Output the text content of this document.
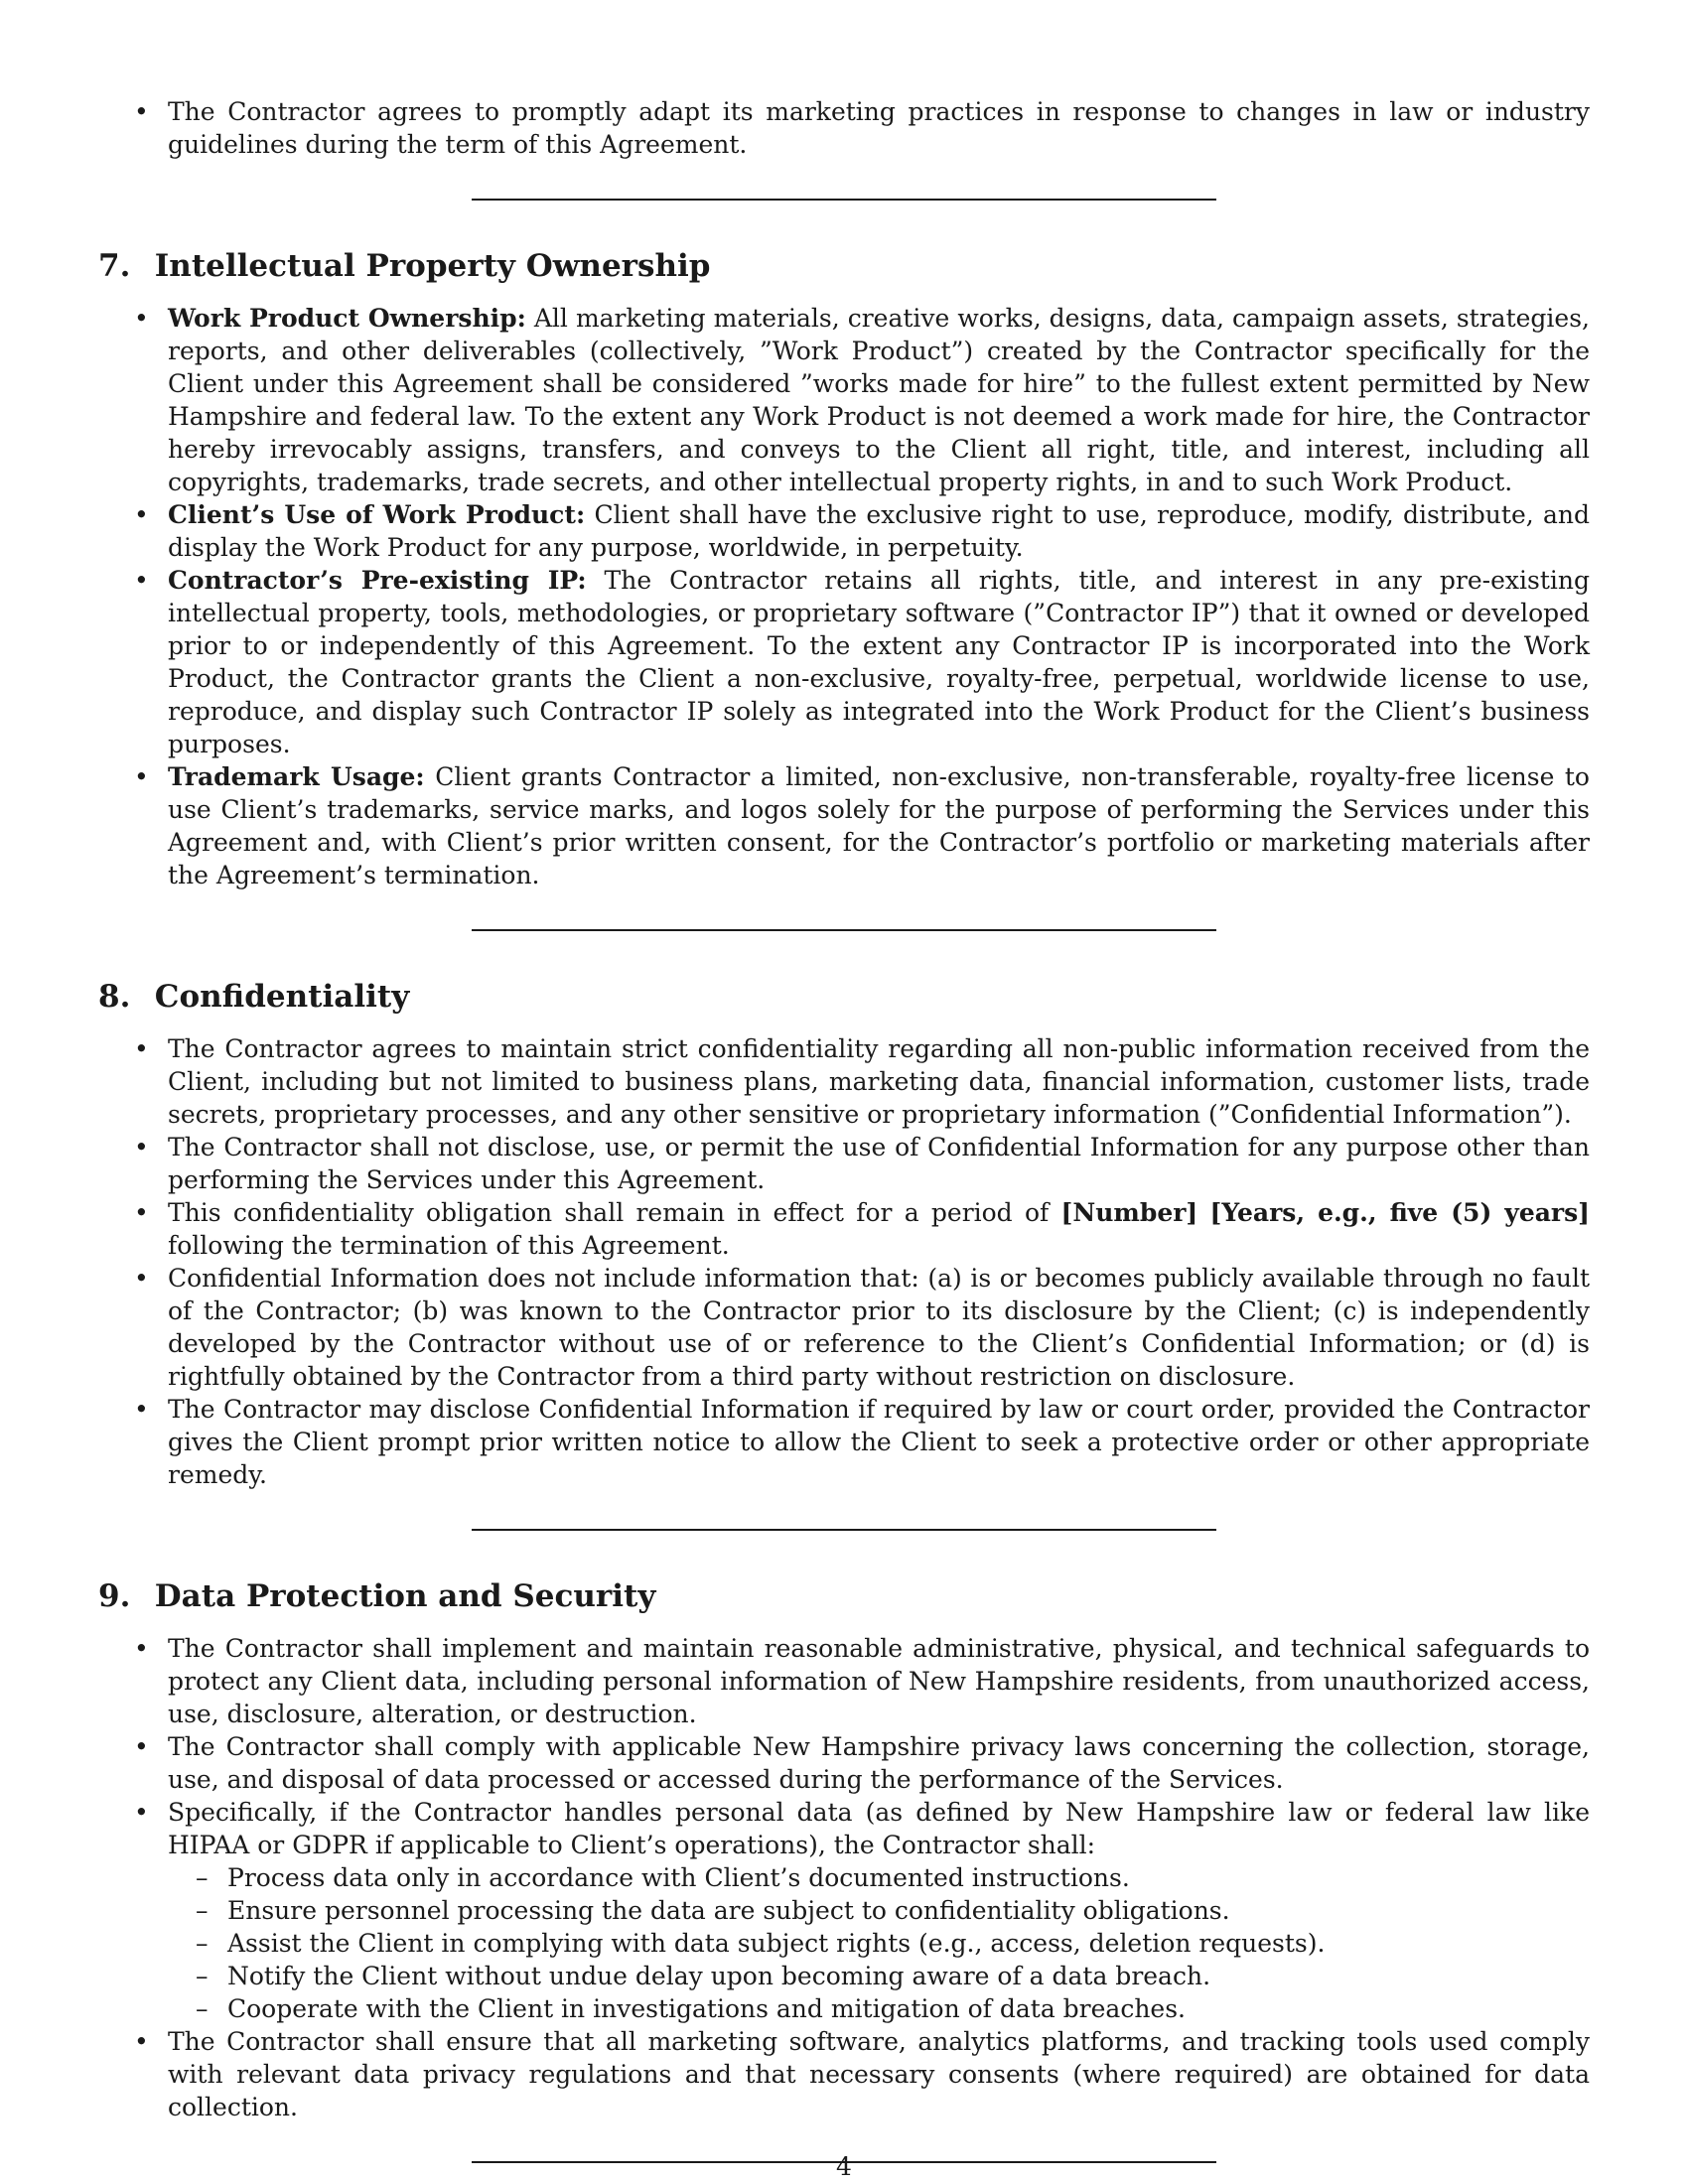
• The Contractor agrees to promptly adapt its marketing practices in response to changes in law or industry guidelines during the term of this Agreement.
7. Intellectual Property Ownership
• Work Product Ownership: All marketing materials, creative works, designs, data, campaign assets, strategies, reports, and other deliverables (collectively, ”Work Product”) created by the Contractor specifically for the Client under this Agreement shall be considered ”works made for hire” to the fullest extent permitted by New Hampshire and federal law. To the extent any Work Product is not deemed a work made for hire, the Contractor hereby irrevocably assigns, transfers, and conveys to the Client all right, title, and interest, including all copyrights, trademarks, trade secrets, and other intellectual property rights, in and to such Work Product.
• Client’s Use of Work Product: Client shall have the exclusive right to use, reproduce, modify, distribute, and display the Work Product for any purpose, worldwide, in perpetuity.
• Contractor’s Pre-existing IP: The Contractor retains all rights, title, and interest in any pre-existing intellectual property, tools, methodologies, or proprietary software (”Contractor IP”) that it owned or developed prior to or independently of this Agreement. To the extent any Contractor IP is incorporated into the Work Product, the Contractor grants the Client a non-exclusive, royalty-free, perpetual, worldwide license to use, reproduce, and display such Contractor IP solely as integrated into the Work Product for the Client’s business purposes.
• Trademark Usage: Client grants Contractor a limited, non-exclusive, non-transferable, royalty-free license to use Client’s trademarks, service marks, and logos solely for the purpose of performing the Services under this Agreement and, with Client’s prior written consent, for the Contractor’s portfolio or marketing materials after the Agreement’s termination.
8. Confidentiality
• The Contractor agrees to maintain strict confidentiality regarding all non-public information received from the Client, including but not limited to business plans, marketing data, financial information, customer lists, trade secrets, proprietary processes, and any other sensitive or proprietary information (”Confidential Information”).
• The Contractor shall not disclose, use, or permit the use of Confidential Information for any purpose other than performing the Services under this Agreement.
• This confidentiality obligation shall remain in effect for a period of [Number] [Years, e.g., five (5) years] following the termination of this Agreement.
• Confidential Information does not include information that: (a) is or becomes publicly available through no fault of the Contractor; (b) was known to the Contractor prior to its disclosure by the Client; (c) is independently developed by the Contractor without use of or reference to the Client’s Confidential Information; or (d) is rightfully obtained by the Contractor from a third party without restriction on disclosure.
• The Contractor may disclose Confidential Information if required by law or court order, provided the Contractor gives the Client prompt prior written notice to allow the Client to seek a protective order or other appropriate remedy.
9. Data Protection and Security
• The Contractor shall implement and maintain reasonable administrative, physical, and technical safeguards to protect any Client data, including personal information of New Hampshire residents, from unauthorized access, use, disclosure, alteration, or destruction.
• The Contractor shall comply with applicable New Hampshire privacy laws concerning the collection, storage, use, and disposal of data processed or accessed during the performance of the Services.
• Specifically, if the Contractor handles personal data (as defined by New Hampshire law or federal law like HIPAA or GDPR if applicable to Client’s operations), the Contractor shall:
– Process data only in accordance with Client’s documented instructions.
– Ensure personnel processing the data are subject to confidentiality obligations.
– Assist the Client in complying with data subject rights (e.g., access, deletion requests).
– Notify the Client without undue delay upon becoming aware of a data breach.
– Cooperate with the Client in investigations and mitigation of data breaches.
• The Contractor shall ensure that all marketing software, analytics platforms, and tracking tools used comply with relevant data privacy regulations and that necessary consents (where required) are obtained for data collection.
4
